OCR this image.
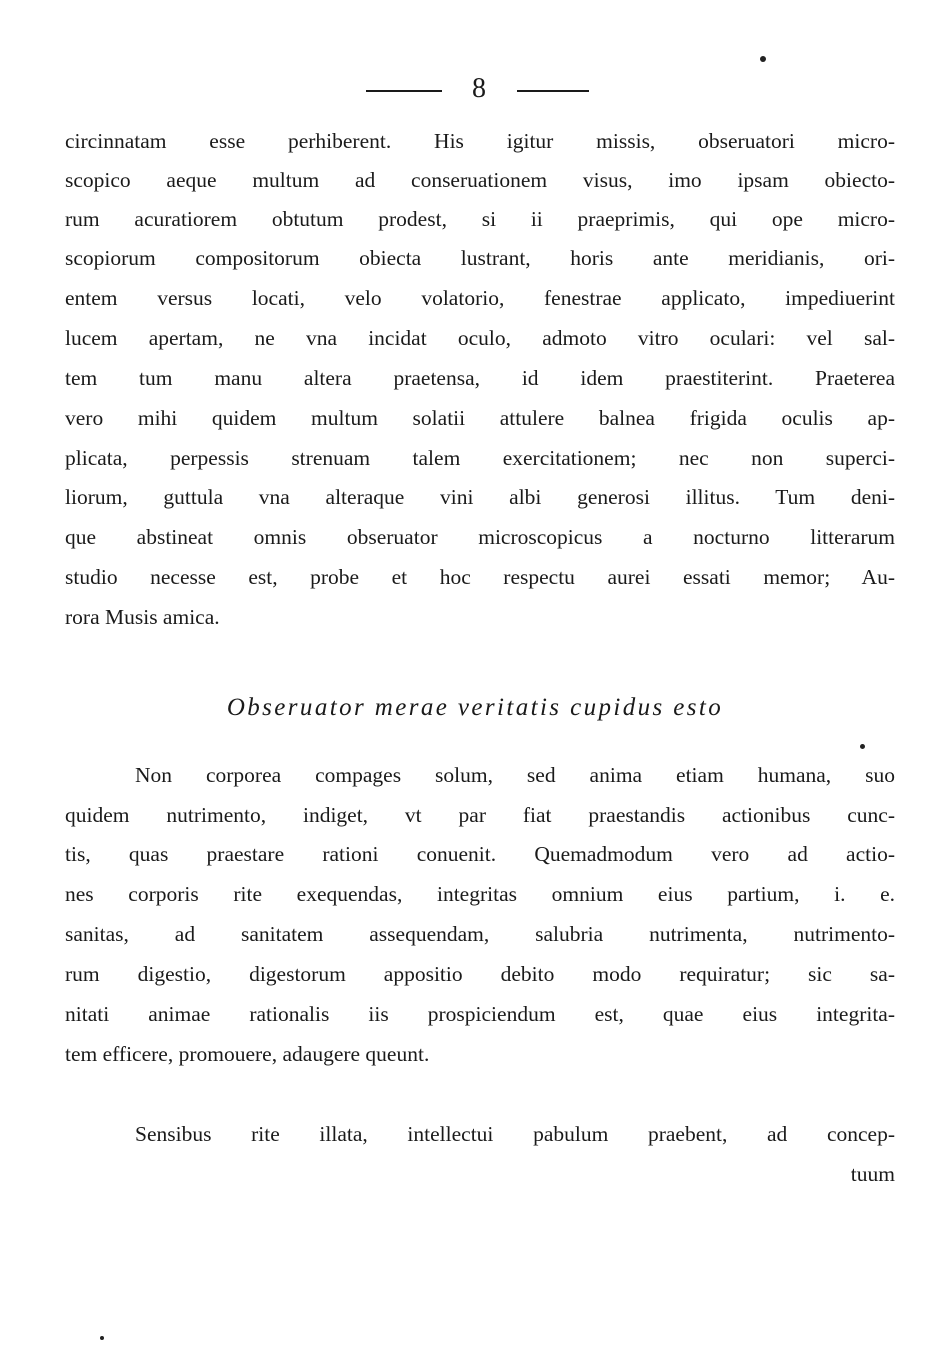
8
circinnatam esse perhiberent. His igitur missis, obseruatori micro-
scopico aeque multum ad conseruationem visus, imo ipsam obiecto-
rum acuratiorem obtutum prodest, si ii praeprimis, qui ope micro-
scopiorum compositorum obiecta lustrant, horis ante meridianis, ori-
entem versus locati, velo volatorio, fenestrae applicato, impediuerint
lucem apertam, ne vna incidat oculo, admoto vitro oculari: vel sal-
tem tum manu altera praetensa, id idem praestiterint. Praeterea
vero mihi quidem multum solatii attulere balnea frigida oculis ap-
plicata, perpessis strenuam talem exercitationem; nec non superci-
liorum, guttula vna alteraque vini albi generosi illitus. Tum deni-
que abstineat omnis obseruator microscopicus a nocturno litterarum
studio necesse est, probe et hoc respectu aurei essati memor; Au-
rora Musis amica.
Obseruator merae veritatis cupidus esto
Non corporea compages solum, sed anima etiam humana, suo
quidem nutrimento, indiget, vt par fiat praestandis actionibus cunc-
tis, quas praestare rationi conuenit. Quemadmodum vero ad actio-
nes corporis rite exequendas, integritas omnium eius partium, i. e.
sanitas, ad sanitatem assequendam, salubria nutrimenta, nutrimento-
rum digestio, digestorum appositio debito modo requiratur; sic sa-
nitati animae rationalis iis prospiciendum est, quae eius integrita-
tem efficere, promouere, adaugere queunt.
Sensibus rite illata, intellectui pabulum praebent, ad concep-
tuum
